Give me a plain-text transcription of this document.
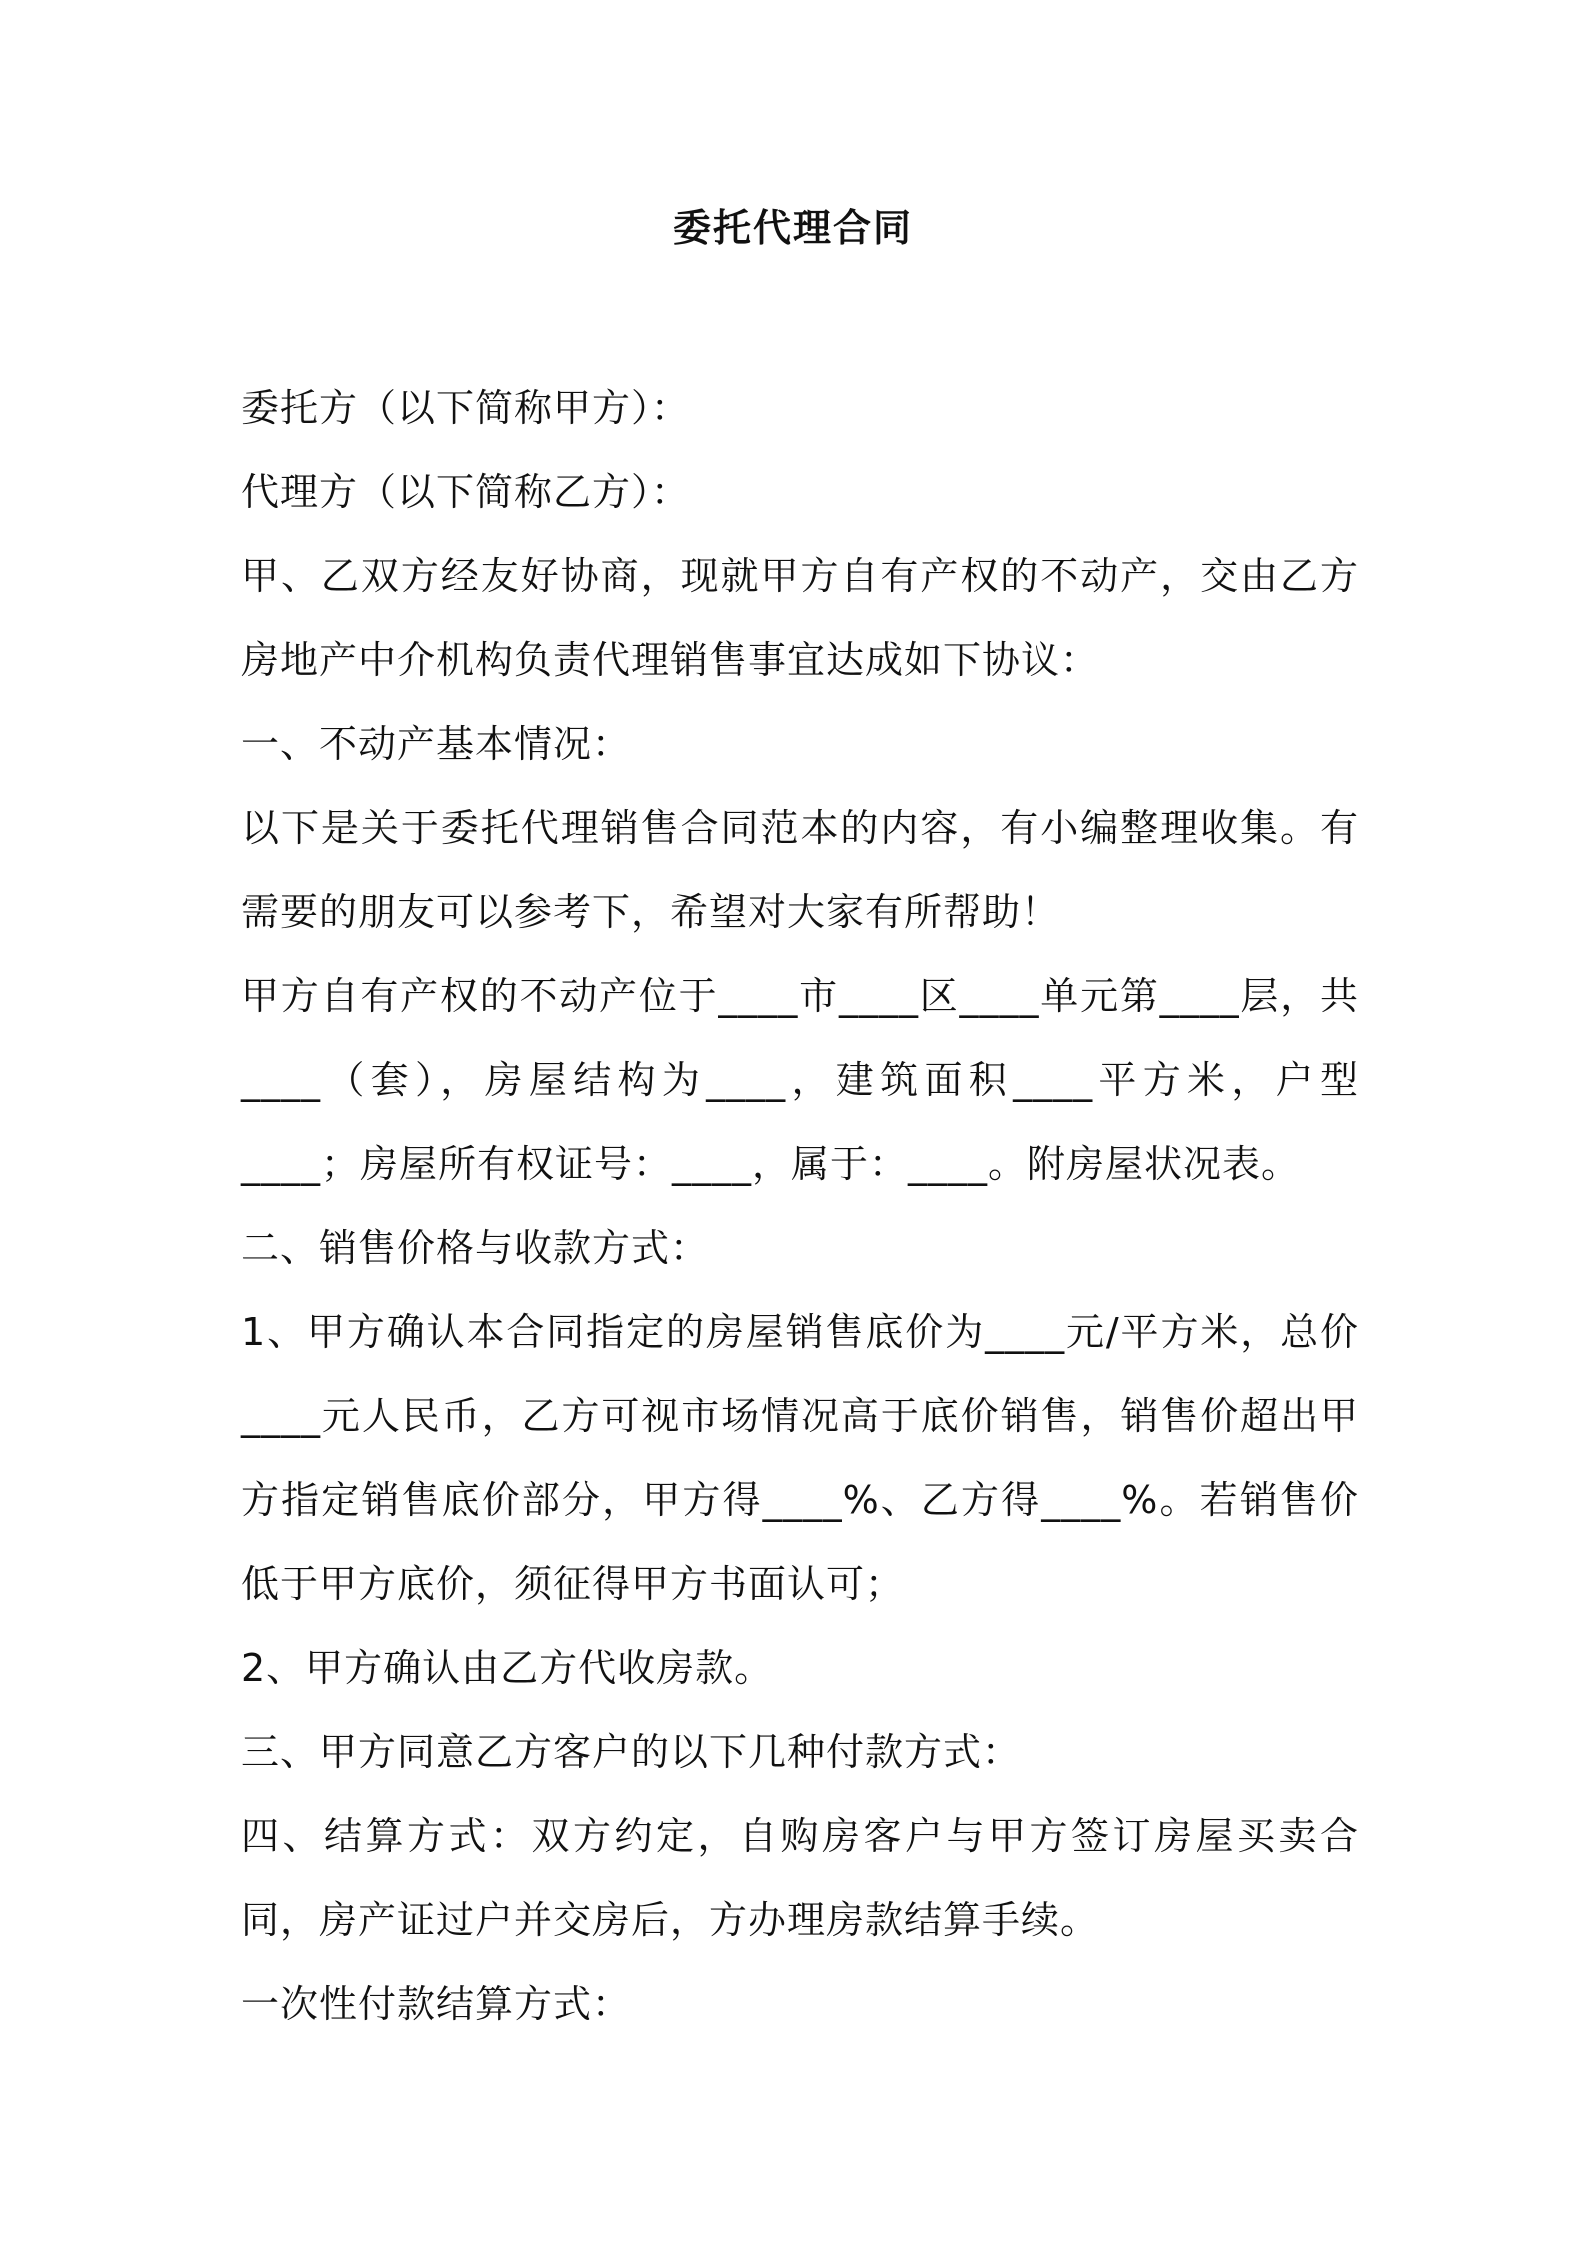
委托代理合同

委托方（以下简称甲方）：

代理方（以下简称乙方）：

甲、乙双方经友好协商，现就甲方自有产权的不动产，交由乙方房地产中介机构负责代理销售事宜达成如下协议：

一、不动产基本情况：

以下是关于委托代理销售合同范本的内容，有小编整理收集。有需要的朋友可以参考下，希望对大家有所帮助！

甲方自有产权的不动产位于____市____区____单元第____层，共____（套），房屋结构为____，建筑面积____平方米，户型____；房屋所有权证号：____，属于：____。附房屋状况表。

二、销售价格与收款方式：

1、甲方确认本合同指定的房屋销售底价为____元/平方米，总价____元人民币，乙方可视市场情况高于底价销售，销售价超出甲方指定销售底价部分，甲方得____%、乙方得____%。若销售价低于甲方底价，须征得甲方书面认可；

2、甲方确认由乙方代收房款。

三、甲方同意乙方客户的以下几种付款方式：

四、结算方式：双方约定，自购房客户与甲方签订房屋买卖合同，房产证过户并交房后，方办理房款结算手续。

一次性付款结算方式：
